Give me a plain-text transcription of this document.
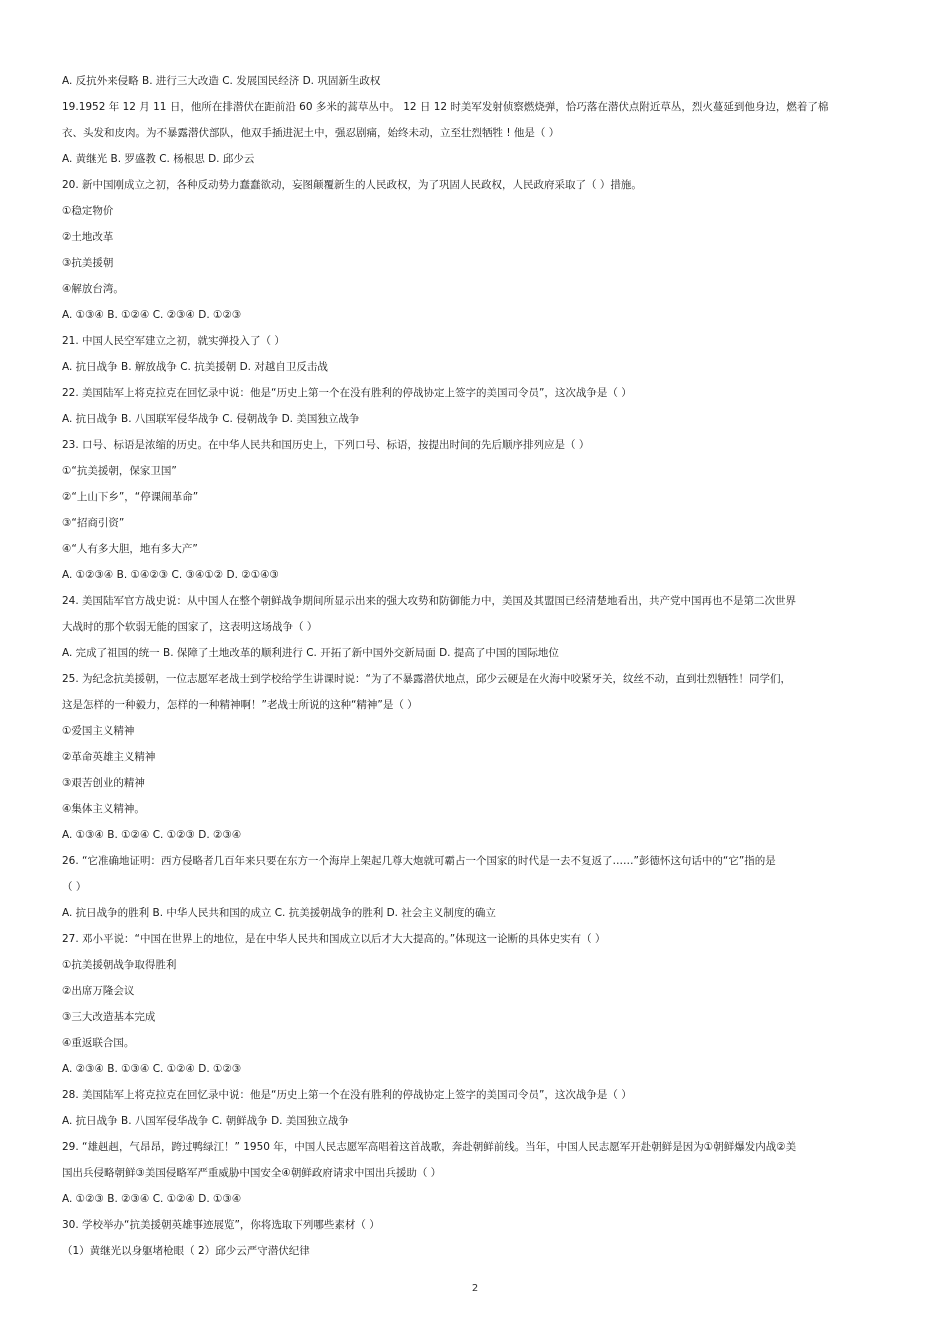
A. 反抗外来侵略 B. 进行三大改造 C. 发展国民经济 D. 巩固新生政权
19.1952 年 12 月 11 日，他所在排潜伏在距前沿 60 多米的蒿草丛中。 12 日 12 时美军发射侦察燃烧弹，恰巧落在潜伏点附近草丛，烈火蔓延到他身边，燃着了棉
衣、头发和皮肉。为不暴露潜伏部队，他双手插进泥土中，强忍剧痛，始终未动，立至壮烈牺牲 ! 他是（ ）
A. 黄继光 B. 罗盛教 C. 杨根思 D. 邱少云
20. 新中国刚成立之初，各种反动势力蠢蠢欲动，妄图颠覆新生的人民政权，为了巩固人民政权，人民政府采取了（ ）措施。
①稳定物价
②土地改革
③抗美援朝
④解放台湾。
A. ①③④ B. ①②④ C. ②③④ D. ①②③
21. 中国人民空军建立之初，就实弹投入了（ ）
A. 抗日战争 B. 解放战争 C. 抗美援朝 D. 对越自卫反击战
22. 美国陆军上将克拉克在回忆录中说：他是“历史上第一个在没有胜利的停战协定上签字的美国司令员”，这次战争是（ ）
A. 抗日战争 B. 八国联军侵华战争 C. 侵朝战争 D. 美国独立战争
23. 口号、标语是浓缩的历史。在中华人民共和国历史上，下列口号、标语，按提出时间的先后顺序排列应是（ ）
①“抗美援朝，保家卫国”
②“上山下乡”，“停课闹革命”
③“招商引资”
④“人有多大胆，地有多大产”
A. ①②③④ B. ①④②③ C. ③④①② D. ②①④③
24. 美国陆军官方战史说：从中国人在整个朝鲜战争期间所显示出来的强大攻势和防御能力中，美国及其盟国已经清楚地看出，共产党中国再也不是第二次世界
大战时的那个软弱无能的国家了，这表明这场战争（ ）
A. 完成了祖国的统一 B. 保障了土地改革的顺利进行 C. 开拓了新中国外交新局面 D. 提高了中国的国际地位
25. 为纪念抗美援朝，一位志愿军老战士到学校给学生讲课时说：“为了不暴露潜伏地点，邱少云硬是在火海中咬紧牙关，纹丝不动，直到壮烈牺牲！同学们，
这是怎样的一种毅力，怎样的一种精神啊！”老战士所说的这种“精神”是（ ）
①爱国主义精神
②革命英雄主义精神
③艰苦创业的精神
④集体主义精神。
A. ①③④ B. ①②④ C. ①②③ D. ②③④
26. “它准确地证明：西方侵略者几百年来只要在东方一个海岸上架起几尊大炮就可霸占一个国家的时代是一去不复返了……”彭德怀这句话中的“它”指的是
（ ）
A. 抗日战争的胜利 B. 中华人民共和国的成立 C. 抗美援朝战争的胜利 D. 社会主义制度的确立
27. 邓小平说：“中国在世界上的地位，是在中华人民共和国成立以后才大大提高的。”体现这一论断的具体史实有（ ）
①抗美援朝战争取得胜利
②出席万隆会议
③三大改造基本完成
④重返联合国。
A. ②③④ B. ①③④ C. ①②④ D. ①②③
28. 美国陆军上将克拉克在回忆录中说：他是“历史上第一个在没有胜利的停战协定上签字的美国司令员”，这次战争是（ ）
A. 抗日战争 B. 八国军侵华战争 C. 朝鲜战争 D. 美国独立战争
29. “雄赳赳，气昂昂，跨过鸭绿江！” 1950 年，中国人民志愿军高唱着这首战歌，奔赴朝鲜前线。当年，中国人民志愿军开赴朝鲜是因为①朝鲜爆发内战②美
国出兵侵略朝鲜③美国侵略军严重威胁中国安全④朝鲜政府请求中国出兵援助（ ）
A. ①②③ B. ②③④ C. ①②④ D. ①③④
30. 学校举办“抗美援朝英雄事迹展览”，你将选取下列哪些素材（ ）
（1）黄继光以身躯堵枪眼（ 2）邱少云严守潜伏纪律
2
